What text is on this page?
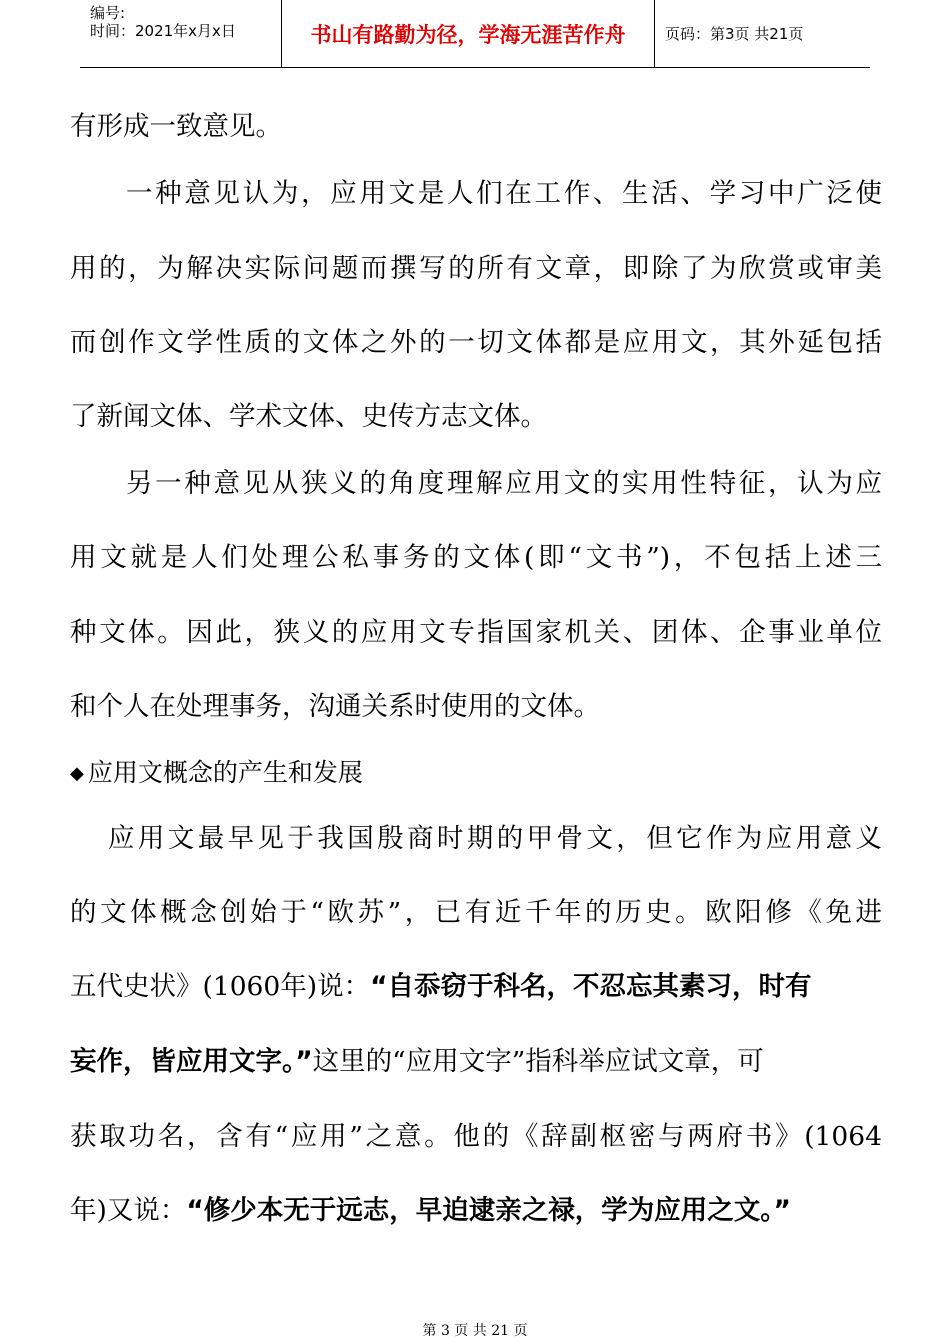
编号:
时间：2021年x月x日	书山有路勤为径，学海无涯苦作舟	页码：第3页 共21页
有形成一致意见。
一种意见认为，应用文是人们在工作、生活、学习中广泛使
用的，为解决实际问题而撰写的所有文章，即除了为欣赏或审美
而创作文学性质的文体之外的一切文体都是应用文，其外延包括
了新闻文体、学术文体、史传方志文体。
另一种意见从狭义的角度理解应用文的实用性特征，认为应
用文就是人们处理公私事务的文体(即“文书”)，不包括上述三
种文体。因此，狭义的应用文专指国家机关、团体、企事业单位
和个人在处理事务，沟通关系时使用的文体。
◆ 应用文概念的产生和发展
应用文最早见于我国殷商时期的甲骨文，但它作为应用意义
的文体概念创始于“欧苏”，已有近千年的历史。欧阳修《免进
五代史状》(1060年)说：“自忝窃于科名，不忍忘其素习，时有
妄作，皆应用文字。”这里的“应用文字”指科举应试文章，可
获取功名，含有“应用”之意。他的《辞副枢密与两府书》(1064
年)又说：“修少本无于远志，早迫逮亲之禄，学为应用之文。”
第 3 页 共 21 页
